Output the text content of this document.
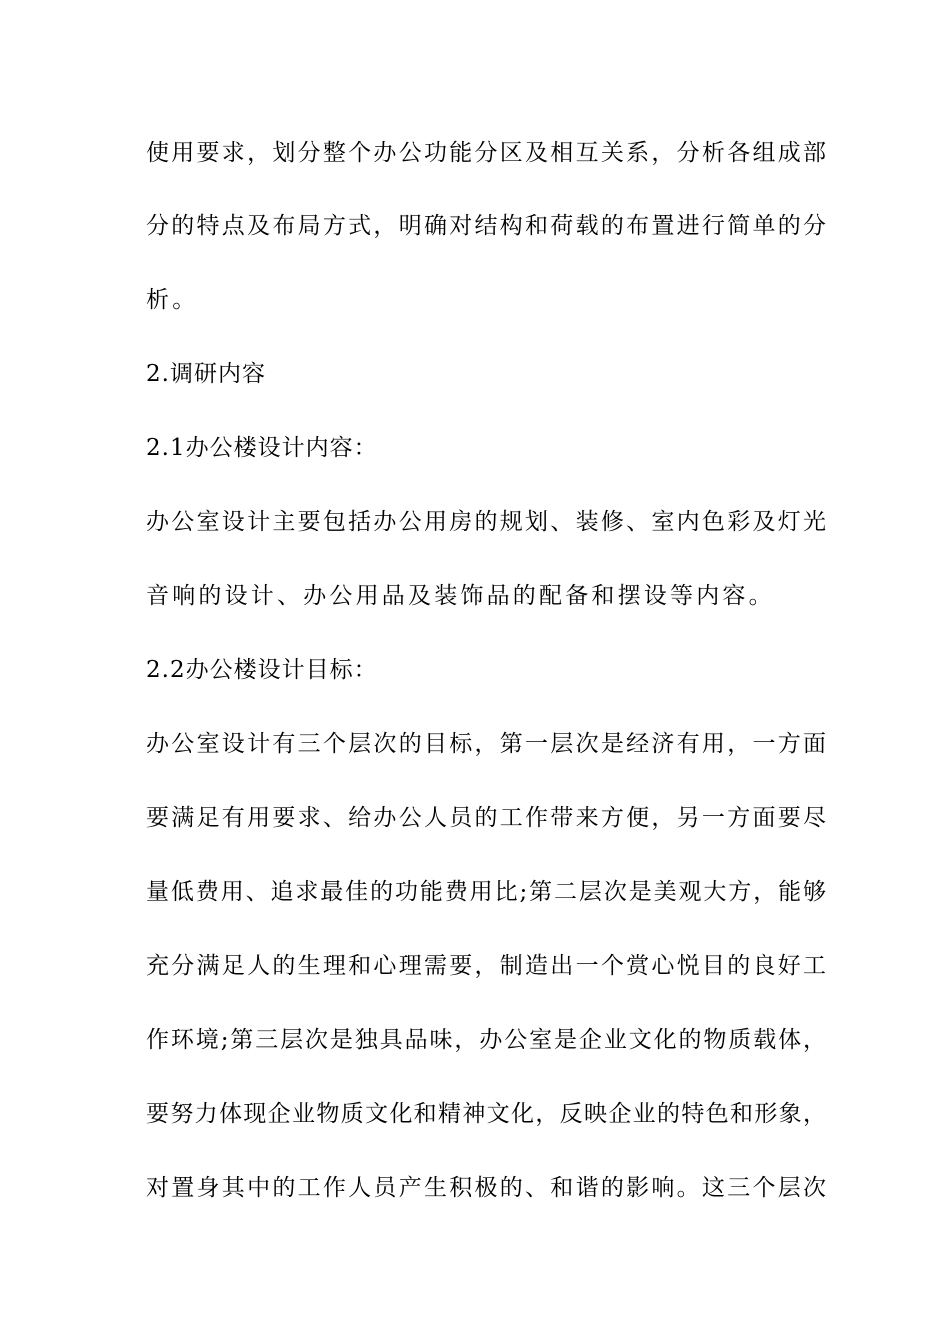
使用要求，划分整个办公功能分区及相互关系，分析各组成部
分的特点及布局方式，明确对结构和荷载的布置进行简单的分
析。
2.调研内容
2.1办公楼设计内容：
办公室设计主要包括办公用房的规划、装修、室内色彩及灯光
音响的设计、办公用品及装饰品的配备和摆设等内容。
2.2办公楼设计目标：
办公室设计有三个层次的目标，第一层次是经济有用，一方面
要满足有用要求、给办公人员的工作带来方便，另一方面要尽
量低费用、追求最佳的功能费用比;第二层次是美观大方，能够
充分满足人的生理和心理需要，制造出一个赏心悦目的良好工
作环境;第三层次是独具品味，办公室是企业文化的物质载体，
要努力体现企业物质文化和精神文化，反映企业的特色和形象，
对置身其中的工作人员产生积极的、和谐的影响。这三个层次
